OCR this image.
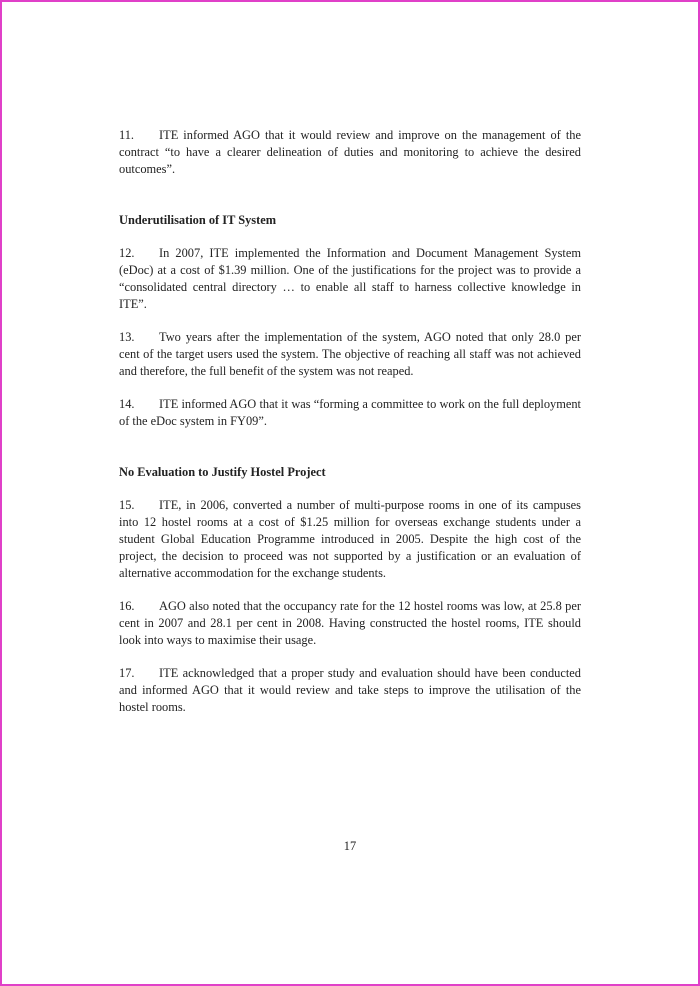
11. ITE informed AGO that it would review and improve on the management of the contract “to have a clearer delineation of duties and monitoring to achieve the desired outcomes”.

Underutilisation of IT System

12. In 2007, ITE implemented the Information and Document Management System (eDoc) at a cost of $1.39 million. One of the justifications for the project was to provide a “consolidated central directory … to enable all staff to harness collective knowledge in ITE”.

13. Two years after the implementation of the system, AGO noted that only 28.0 per cent of the target users used the system. The objective of reaching all staff was not achieved and therefore, the full benefit of the system was not reaped.

14. ITE informed AGO that it was “forming a committee to work on the full deployment of the eDoc system in FY09”.

No Evaluation to Justify Hostel Project

15. ITE, in 2006, converted a number of multi-purpose rooms in one of its campuses into 12 hostel rooms at a cost of $1.25 million for overseas exchange students under a student Global Education Programme introduced in 2005. Despite the high cost of the project, the decision to proceed was not supported by a justification or an evaluation of alternative accommodation for the exchange students.

16. AGO also noted that the occupancy rate for the 12 hostel rooms was low, at 25.8 per cent in 2007 and 28.1 per cent in 2008. Having constructed the hostel rooms, ITE should look into ways to maximise their usage.

17. ITE acknowledged that a proper study and evaluation should have been conducted and informed AGO that it would review and take steps to improve the utilisation of the hostel rooms.

17
